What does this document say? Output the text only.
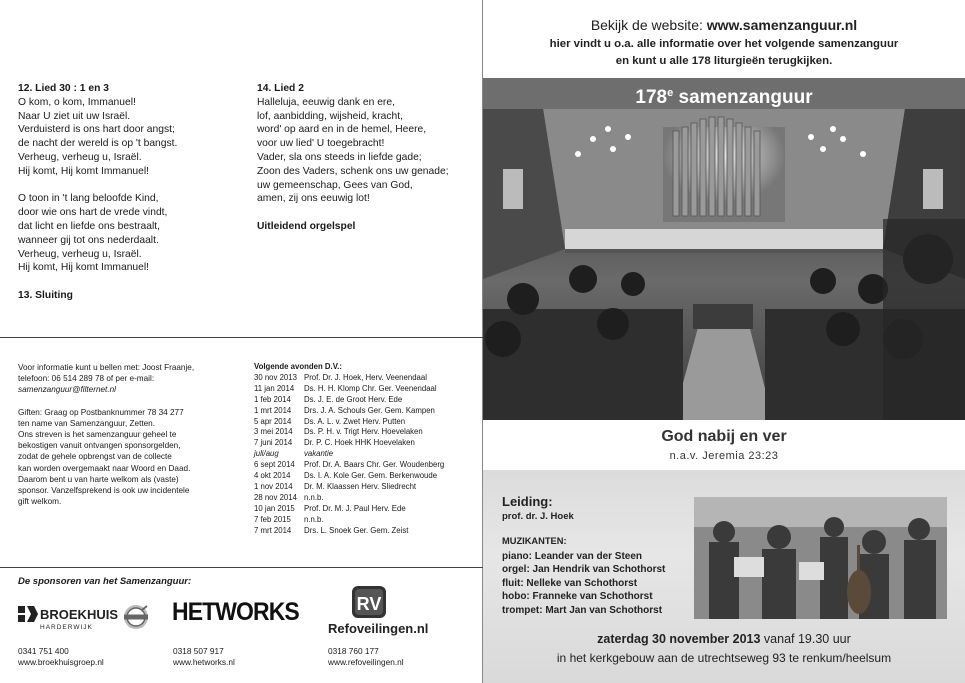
12. Lied 30 : 1 en 3
O kom, o kom, Immanuel!
Naar U ziet uit uw Israël.
Verduisterd is ons hart door angst;
de nacht der wereld is op 't bangst.
Verheug, verheug u, Israël.
Hij komt, Hij komt Immanuel!
O toon in 't lang beloofde Kind,
door wie ons hart de vrede vindt,
dat licht en liefde ons bestraalt,
wanneer gij tot ons nederdaalt.
Verheug, verheug u, Israël.
Hij komt, Hij komt Immanuel!
13. Sluiting
14. Lied 2
Halleluja, eeuwig dank en ere,
lof, aanbidding, wijsheid, kracht,
word' op aard en in de hemel, Heere,
voor uw lied' U toegebracht!
Vader, sla ons steeds in liefde gade;
Zoon des Vaders, schenk ons uw genade;
uw gemeenschap, Gees van God,
amen, zij ons eeuwig lot!
Uitleidend orgelspel
Voor informatie kunt u bellen met: Joost Fraanje,
telefoon: 06 514 289 78 of per e-mail:
samenzanguur@filternet.nl
Giften: Graag op Postbanknummer 78 34 277
ten name van Samenzanguur, Zetten.
Ons streven is het samenzanguur geheel te
bekostigen vanuit ontvangen sponsorgelden,
zodat de gehele opbrengst van de collecte
kan worden overgemaakt naar Woord en Daad.
Daarom bent u van harte welkom als (vaste)
sponsor. Vanzelfsprekend is ook uw incidentele
gift welkom.
Volgende avonden D.V.:
30 nov 2013 Prof. Dr. J. Hoek, Herv. Veenendaal
11 jan 2014	Ds. H. H. Klomp Chr. Ger. Veenendaal
1 feb 2014	Ds. J. E. de Groot Herv. Ede
1 mrt 2014	Drs. J. A. Schouls Ger. Gem. Kampen
5 apr 2014	Ds. A. L. v. Zwet Herv. Putten
3 mei 2014	Ds. P. H. v. Trigt Herv. Hoevelaken
7 juni 2014	Dr. P. C. Hoek HHK Hoevelaken
juli/aug	vakantie
6 sept 2014	Prof. Dr. A. Baars Chr. Ger. Woudenberg
4 okt 2014	Ds. I. A. Kole Ger. Gem. Berkenwoude
1 nov 2014	Dr. M. Klaassen Herv. Sliedrecht
28 nov 2014 n.n.b.
10 jan 2015	Prof. Dr. M. J. Paul Herv. Ede
7 feb 2015	n.n.b.
7 mrt 2014	Drs. L. Snoek Ger. Gem. Zeist
De sponsoren van het Samenzanguur:
BROEKHUIS
HARDERWIJK
HETWORKS	RV
Refoveilingen.nl
0341 751 400
www.broekhuisgroep.nl
0318 507 917
www.hetworks.nl
0318 760 177
www.refoveilingen.nl
Bekijk de website: www.samenzanguur.nl
hier vindt u o.a. alle informatie over het volgende samenzanguur
en kunt u alle 178 liturgieën terugkijken.
178e samenzanguur
God nabij en ver
n.a.v. Jeremia 23:23
Leiding:
prof. dr. J. Hoek
MUZIKANTEN:
piano: Leander van der Steen
orgel: Jan Hendrik van Schothorst
fluit: Nelleke van Schothorst
hobo: Franneke van Schothorst
trompet: Mart Jan van Schothorst
zaterdag 30 november 2013 vanaf 19.30 uur
in het kerkgebouw aan de utrechtseweg 93 te renkum/heelsum
